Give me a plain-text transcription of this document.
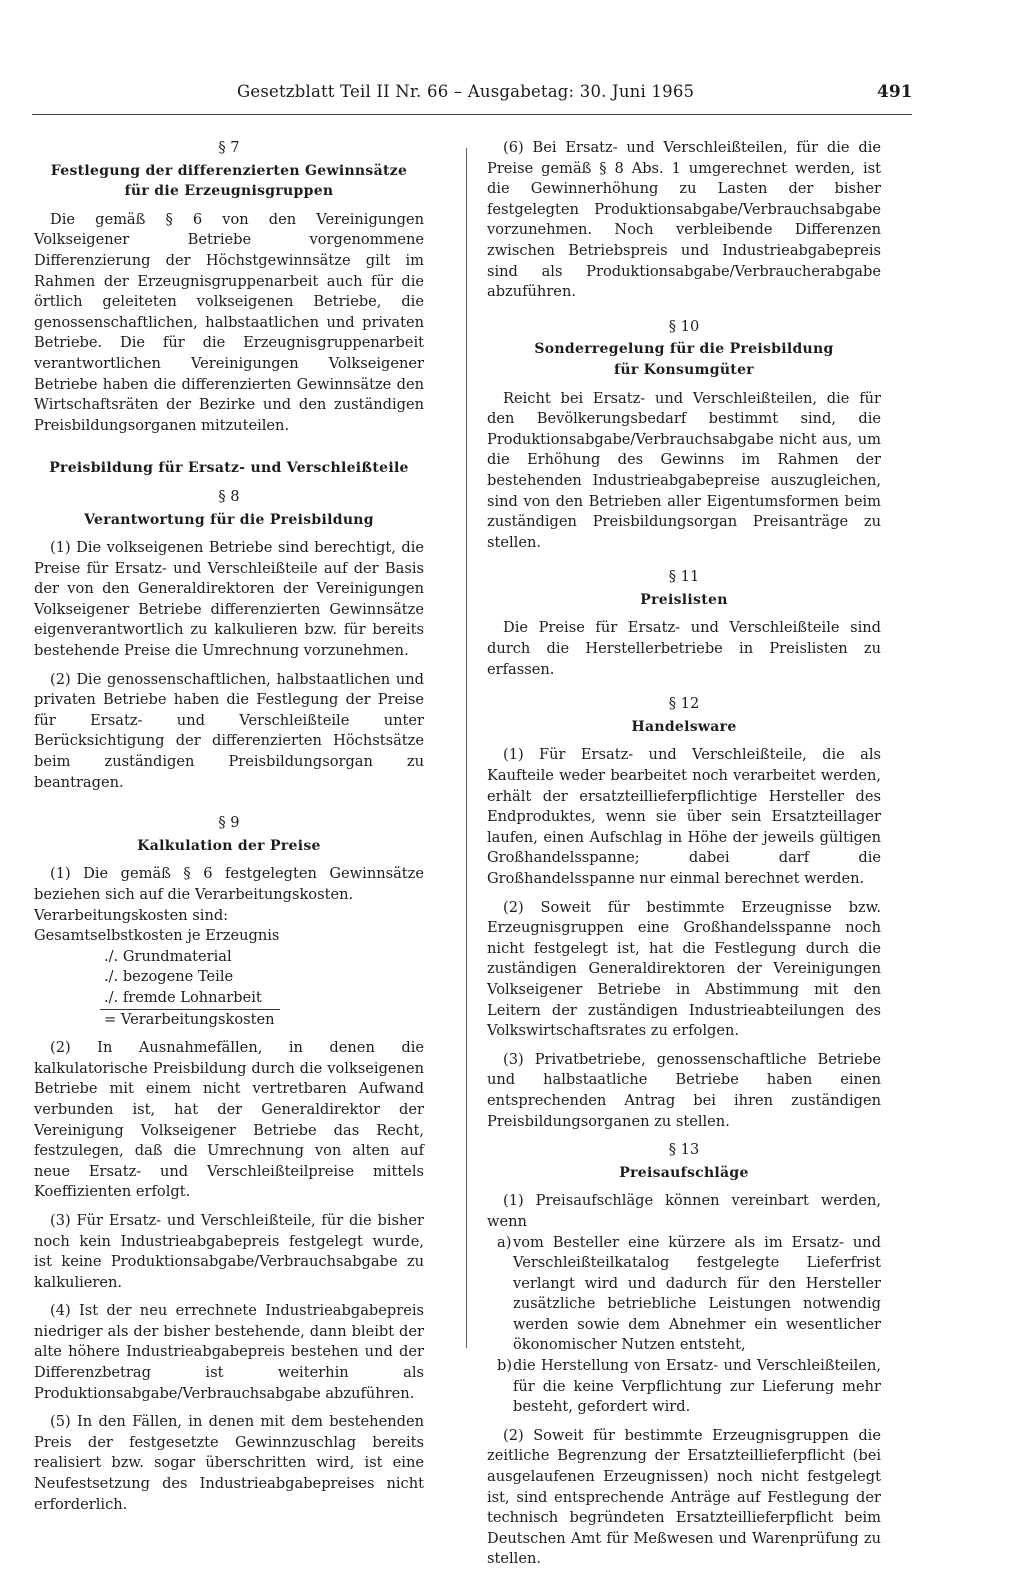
Gesetzblatt Teil II Nr. 66 – Ausgabetag: 30. Juni 1965	491
§ 7
Festlegung der differenzierten Gewinnsätze
für die Erzeugnisgruppen

Die gemäß § 6 von den Vereinigungen Volkseigener Betriebe vorgenommene Differenzierung der Höchstgewinnsätze gilt im Rahmen der Erzeugnisgruppenarbeit auch für die örtlich geleiteten volkseigenen Betriebe, die genossenschaftlichen, halbstaatlichen und privaten Betriebe. Die für die Erzeugnisgruppenarbeit verantwortlichen Vereinigungen Volkseigener Betriebe haben die differenzierten Gewinnsätze den Wirtschaftsräten der Bezirke und den zuständigen Preisbildungsorganen mitzuteilen.

Preisbildung für Ersatz- und Verschleißteile
§ 8
Verantwortung für die Preisbildung

(1) Die volkseigenen Betriebe sind berechtigt, die Preise für Ersatz- und Verschleißteile auf der Basis der von den Generaldirektoren der Vereinigungen Volkseigener Betriebe differenzierten Gewinnsätze eigenverantwortlich zu kalkulieren bzw. für bereits bestehende Preise die Umrechnung vorzunehmen.

(2) Die genossenschaftlichen, halbstaatlichen und privaten Betriebe haben die Festlegung der Preise für Ersatz- und Verschleißteile unter Berücksichtigung der differenzierten Höchstsätze beim zuständigen Preisbildungsorgan zu beantragen.

§ 9
Kalkulation der Preise

(1) Die gemäß § 6 festgelegten Gewinnsätze beziehen sich auf die Verarbeitungskosten.

Verarbeitungskosten sind:
Gesamtselbstkosten je Erzeugnis
./. Grundmaterial
./. bezogene Teile
./. fremde Lohnarbeit
= Verarbeitungskosten

(2) In Ausnahmefällen, in denen die kalkulatorische Preisbildung durch die volkseigenen Betriebe mit einem nicht vertretbaren Aufwand verbunden ist, hat der Generaldirektor der Vereinigung Volkseigener Betriebe das Recht, festzulegen, daß die Umrechnung von alten auf neue Ersatz- und Verschleißteilpreise mittels Koeffizienten erfolgt.

(3) Für Ersatz- und Verschleißteile, für die bisher noch kein Industrieabgabepreis festgelegt wurde, ist keine Produktionsabgabe/Verbrauchsabgabe zu kalkulieren.

(4) Ist der neu errechnete Industrieabgabepreis niedriger als der bisher bestehende, dann bleibt der alte höhere Industrieabgabepreis bestehen und der Differenzbetrag ist weiterhin als Produktionsabgabe/Verbrauchsabgabe abzuführen.

(5) In den Fällen, in denen mit dem bestehenden Preis der festgesetzte Gewinnzuschlag bereits realisiert bzw. sogar überschritten wird, ist eine Neufestsetzung des Industrieabgabepreises nicht erforderlich.

(6) Bei Ersatz- und Verschleißteilen, für die die Preise gemäß § 8 Abs. 1 umgerechnet werden, ist die Gewinnerhöhung zu Lasten der bisher festgelegten Produktionsabgabe/Verbrauchsabgabe vorzunehmen. Noch verbleibende Differenzen zwischen Betriebspreis und Industrieabgabepreis sind als Produktionsabgabe/Verbraucherabgabe abzuführen.

§ 10
Sonderregelung für die Preisbildung
für Konsumgüter

Reicht bei Ersatz- und Verschleißteilen, die für den Bevölkerungsbedarf bestimmt sind, die Produktionsabgabe/Verbrauchsabgabe nicht aus, um die Erhöhung des Gewinns im Rahmen der bestehenden Industrieabgabepreise auszugleichen, sind von den Betrieben aller Eigentumsformen beim zuständigen Preisbildungsorgan Preisanträge zu stellen.

§ 11
Preislisten

Die Preise für Ersatz- und Verschleißteile sind durch die Herstellerbetriebe in Preislisten zu erfassen.

§ 12
Handelsware

(1) Für Ersatz- und Verschleißteile, die als Kaufteile weder bearbeitet noch verarbeitet werden, erhält der ersatzteillieferpflichtige Hersteller des Endproduktes, wenn sie über sein Ersatzteillager laufen, einen Aufschlag in Höhe der jeweils gültigen Großhandelsspanne; dabei darf die Großhandelsspanne nur einmal berechnet werden.

(2) Soweit für bestimmte Erzeugnisse bzw. Erzeugnisgruppen eine Großhandelsspanne noch nicht festgelegt ist, hat die Festlegung durch die zuständigen Generaldirektoren der Vereinigungen Volkseigener Betriebe in Abstimmung mit den Leitern der zuständigen Industrieabteilungen des Volkswirtschaftsrates zu erfolgen.

(3) Privatbetriebe, genossenschaftliche Betriebe und halbstaatliche Betriebe haben einen entsprechenden Antrag bei ihren zuständigen Preisbildungsorganen zu stellen.

§ 13
Preisaufschläge

(1) Preisaufschläge können vereinbart werden, wenn

a) vom Besteller eine kürzere als im Ersatz- und Verschleißteilkatalog festgelegte Lieferfrist verlangt wird und dadurch für den Hersteller zusätzliche betriebliche Leistungen notwendig werden sowie dem Abnehmer ein wesentlicher ökonomischer Nutzen entsteht,
b) die Herstellung von Ersatz- und Verschleißteilen, für die keine Verpflichtung zur Lieferung mehr besteht, gefordert wird.

(2) Soweit für bestimmte Erzeugnisgruppen die zeitliche Begrenzung der Ersatzteillieferpflicht (bei ausgelaufenen Erzeugnissen) noch nicht festgelegt ist, sind entsprechende Anträge auf Festlegung der technisch begründeten Ersatzteillieferpflicht beim Deutschen Amt für Meßwesen und Warenprüfung zu stellen.
